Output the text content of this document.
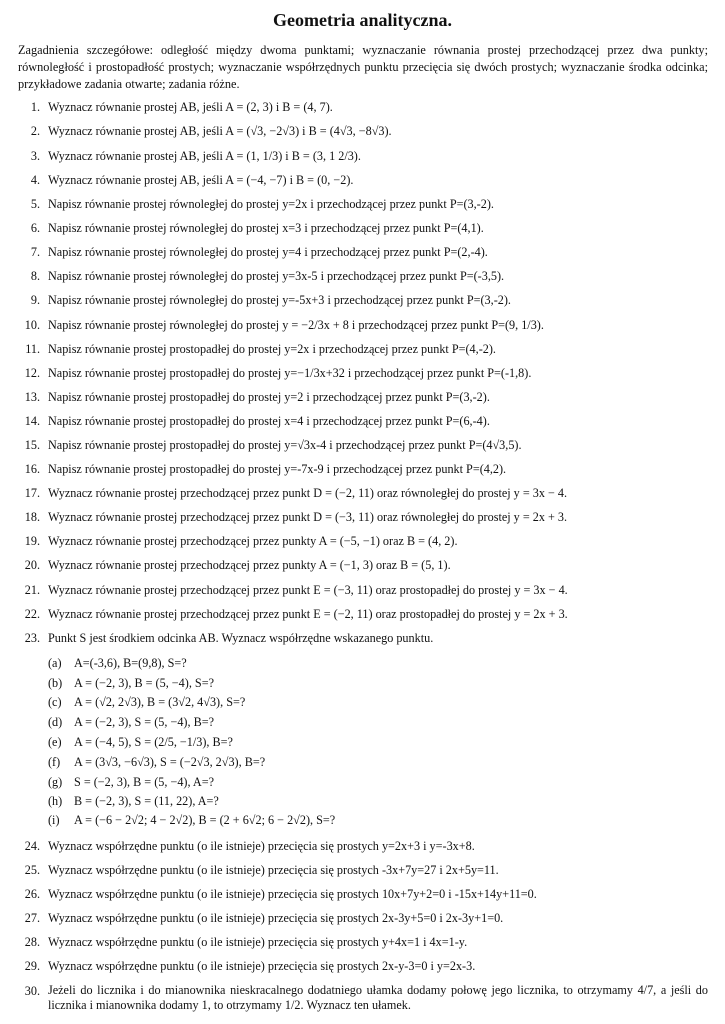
Geometria analityczna.

Zagadnienia szczegółowe: odległość między dwoma punktami; wyznaczanie równania prostej przechodzącej przez dwa punkty; równoległość i prostopadłość prostych; wyznaczanie współrzędnych punktu przecięcia się dwóch prostych; wyznaczanie środka odcinka; przykładowe zadania otwarte; zadania różne.

1. Wyznacz równanie prostej AB, jeśli A = (2, 3) i B = (4, 7).
2. Wyznacz równanie prostej AB, jeśli A = (√3, −2√3) i B = (4√3, −8√3).
3. Wyznacz równanie prostej AB, jeśli A = (1, 1/3) i B = (3, 1 2/3).
4. Wyznacz równanie prostej AB, jeśli A = (−4, −7) i B = (0, −2).
5. Napisz równanie prostej równoległej do prostej y=2x i przechodzącej przez punkt P=(3,-2).
6. Napisz równanie prostej równoległej do prostej x=3 i przechodzącej przez punkt P=(4,1).
7. Napisz równanie prostej równoległej do prostej y=4 i przechodzącej przez punkt P=(2,-4).
8. Napisz równanie prostej równoległej do prostej y=3x-5 i przechodzącej przez punkt P=(-3,5).
9. Napisz równanie prostej równoległej do prostej y=-5x+3 i przechodzącej przez punkt P=(3,-2).
10. Napisz równanie prostej równoległej do prostej y = −2/3x + 8 i przechodzącej przez punkt P=(9, 1/3).
11. Napisz równanie prostej prostopadłej do prostej y=2x i przechodzącej przez punkt P=(4,-2).
12. Napisz równanie prostej prostopadłej do prostej y=−1/3x+32 i przechodzącej przez punkt P=(-1,8).
13. Napisz równanie prostej prostopadłej do prostej y=2 i przechodzącej przez punkt P=(3,-2).
14. Napisz równanie prostej prostopadłej do prostej x=4 i przechodzącej przez punkt P=(6,-4).
15. Napisz równanie prostej prostopadłej do prostej y=√3x-4 i przechodzącej przez punkt P=(4√3,5).
16. Napisz równanie prostej prostopadłej do prostej y=-7x-9 i przechodzącej przez punkt P=(4,2).
17. Wyznacz równanie prostej przechodzącej przez punkt D = (−2, 11) oraz równoległej do prostej y = 3x − 4.
18. Wyznacz równanie prostej przechodzącej przez punkt D = (−3, 11) oraz równoległej do prostej y = 2x + 3.
19. Wyznacz równanie prostej przechodzącej przez punkty A = (−5, −1) oraz B = (4, 2).
20. Wyznacz równanie prostej przechodzącej przez punkty A = (−1, 3) oraz B = (5, 1).
21. Wyznacz równanie prostej przechodzącej przez punkt E = (−3, 11) oraz prostopadłej do prostej y = 3x − 4.
22. Wyznacz równanie prostej przechodzącej przez punkt E = (−2, 11) oraz prostopadłej do prostej y = 2x + 3.
23. Punkt S jest środkiem odcinka AB. Wyznacz współrzędne wskazanego punktu.
(a)	A=(-3,6), B=(9,8), S=?
(b) A = (−2, 3), B = (5, −4), S=?
(c)	A = (√2, 2√3), B = (3√2, 4√3), S=?
(d) A = (−2, 3), S = (5, −4), B=?
(e)	A = (−4, 5), S = (2/5, −1/3), B=?
(f)	A = (3√3, −6√3), S = (−2√3, 2√3), B=?
(g) S = (−2, 3), B = (5, −4), A=?
(h) B = (−2, 3), S = (11, 22), A=?
(i)	A = (−6 − 2√2; 4 − 2√2), B = (2 + 6√2; 6 − 2√2), S=?
24. Wyznacz współrzędne punktu (o ile istnieje) przecięcia się prostych y=2x+3 i y=-3x+8.
25. Wyznacz współrzędne punktu (o ile istnieje) przecięcia się prostych -3x+7y=27 i 2x+5y=11.
26. Wyznacz współrzędne punktu (o ile istnieje) przecięcia się prostych 10x+7y+2=0 i -15x+14y+11=0.
27. Wyznacz współrzędne punktu (o ile istnieje) przecięcia się prostych 2x-3y+5=0 i 2x-3y+1=0.
28. Wyznacz współrzędne punktu (o ile istnieje) przecięcia się prostych y+4x=1 i 4x=1-y.
29. Wyznacz współrzędne punktu (o ile istnieje) przecięcia się prostych 2x-y-3=0 i y=2x-3.
30. Jeżeli do licznika i do mianownika nieskracalnego dodatniego ułamka dodamy połowę jego licznika, to otrzymamy 4/7, a jeśli do licznika i mianownika dodamy 1, to otrzymamy 1/2. Wyznacz ten ułamek.
